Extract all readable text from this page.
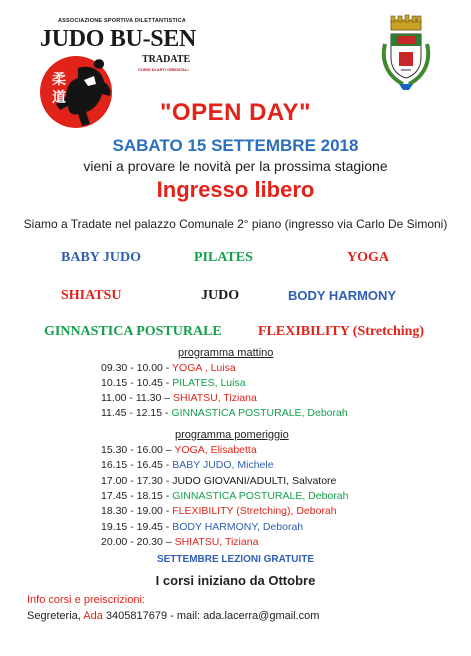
ASSOCIAZIONE SPORTIVA DILETTANTISTICA
JUDO BU-SEN
TRADATE
CORSI DI ARTI ORIENTALI
柔
道
"OPEN DAY"
SABATO 15 SETTEMBRE 2018
vieni a provare le novità per la prossima stagione
Ingresso libero
Siamo a Tradate nel palazzo Comunale 2° piano (ingresso via Carlo De Simoni)
BABY JUDO	PILATES	YOGA
SHIATSU	JUDO	BODY HARMONY
GINNASTICA POSTURALE	FLEXIBILITY (Stretching)
programma mattino
09.30 - 10.00 - YOGA , Luisa
10.15 - 10.45 - PILATES, Luisa
11.00 - 11.30 – SHIATSU, Tiziana
11.45 - 12.15 - GINNASTICA POSTURALE, Deborah
programma pomeriggio
15.30 - 16.00 – YOGA, Elisabetta
16.15 - 16.45 - BABY JUDO, Michele
17.00 - 17.30 - JUDO GIOVANI/ADULTI, Salvatore
17.45 - 18.15 - GINNASTICA POSTURALE, Deborah
18.30 - 19.00 - FLEXIBILITY (Stretching), Deborah
19.15 - 19.45 - BODY HARMONY, Deborah
20.00 - 20.30 – SHIATSU, Tiziana
SETTEMBRE LEZIONI GRATUITE
I corsi iniziano da Ottobre
Info corsi e preiscrizioni:
Segreteria, Ada 3405817679 - mail: ada.lacerra@gmail.com
